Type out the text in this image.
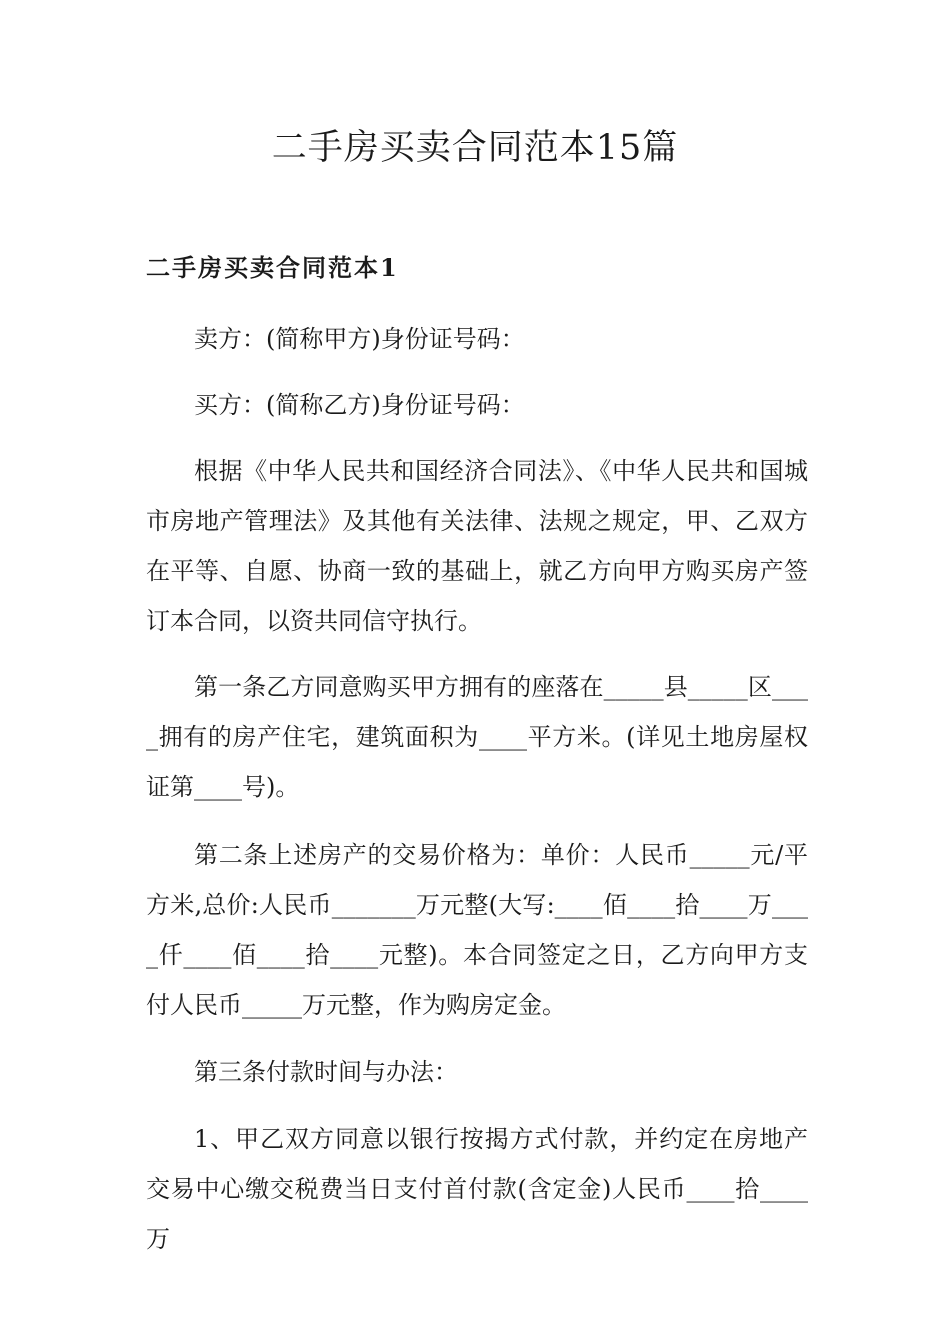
二手房买卖合同范本15篇
二手房买卖合同范本1

卖方：(简称甲方)身份证号码：

买方：(简称乙方)身份证号码：

根据《中华人民共和国经济合同法》、《中华人民共和国城市房地产管理法》及其他有关法律、法规之规定，甲、乙双方在平等、自愿、协商一致的基础上，就乙方向甲方购买房产签订本合同，以资共同信守执行。

第一条乙方同意购买甲方拥有的座落在_____县_____区____拥有的房产住宅，建筑面积为____平方米。(详见土地房屋权证第____号)。

第二条上述房产的交易价格为：单价：人民币_____元/平方米,总价:人民币_______万元整(大写:____佰____拾____万____仟____佰____拾____元整)。本合同签定之日，乙方向甲方支付人民币_____万元整，作为购房定金。

第三条付款时间与办法：

1、甲乙双方同意以银行按揭方式付款，并约定在房地产交易中心缴交税费当日支付首付款(含定金)人民币____拾____万
